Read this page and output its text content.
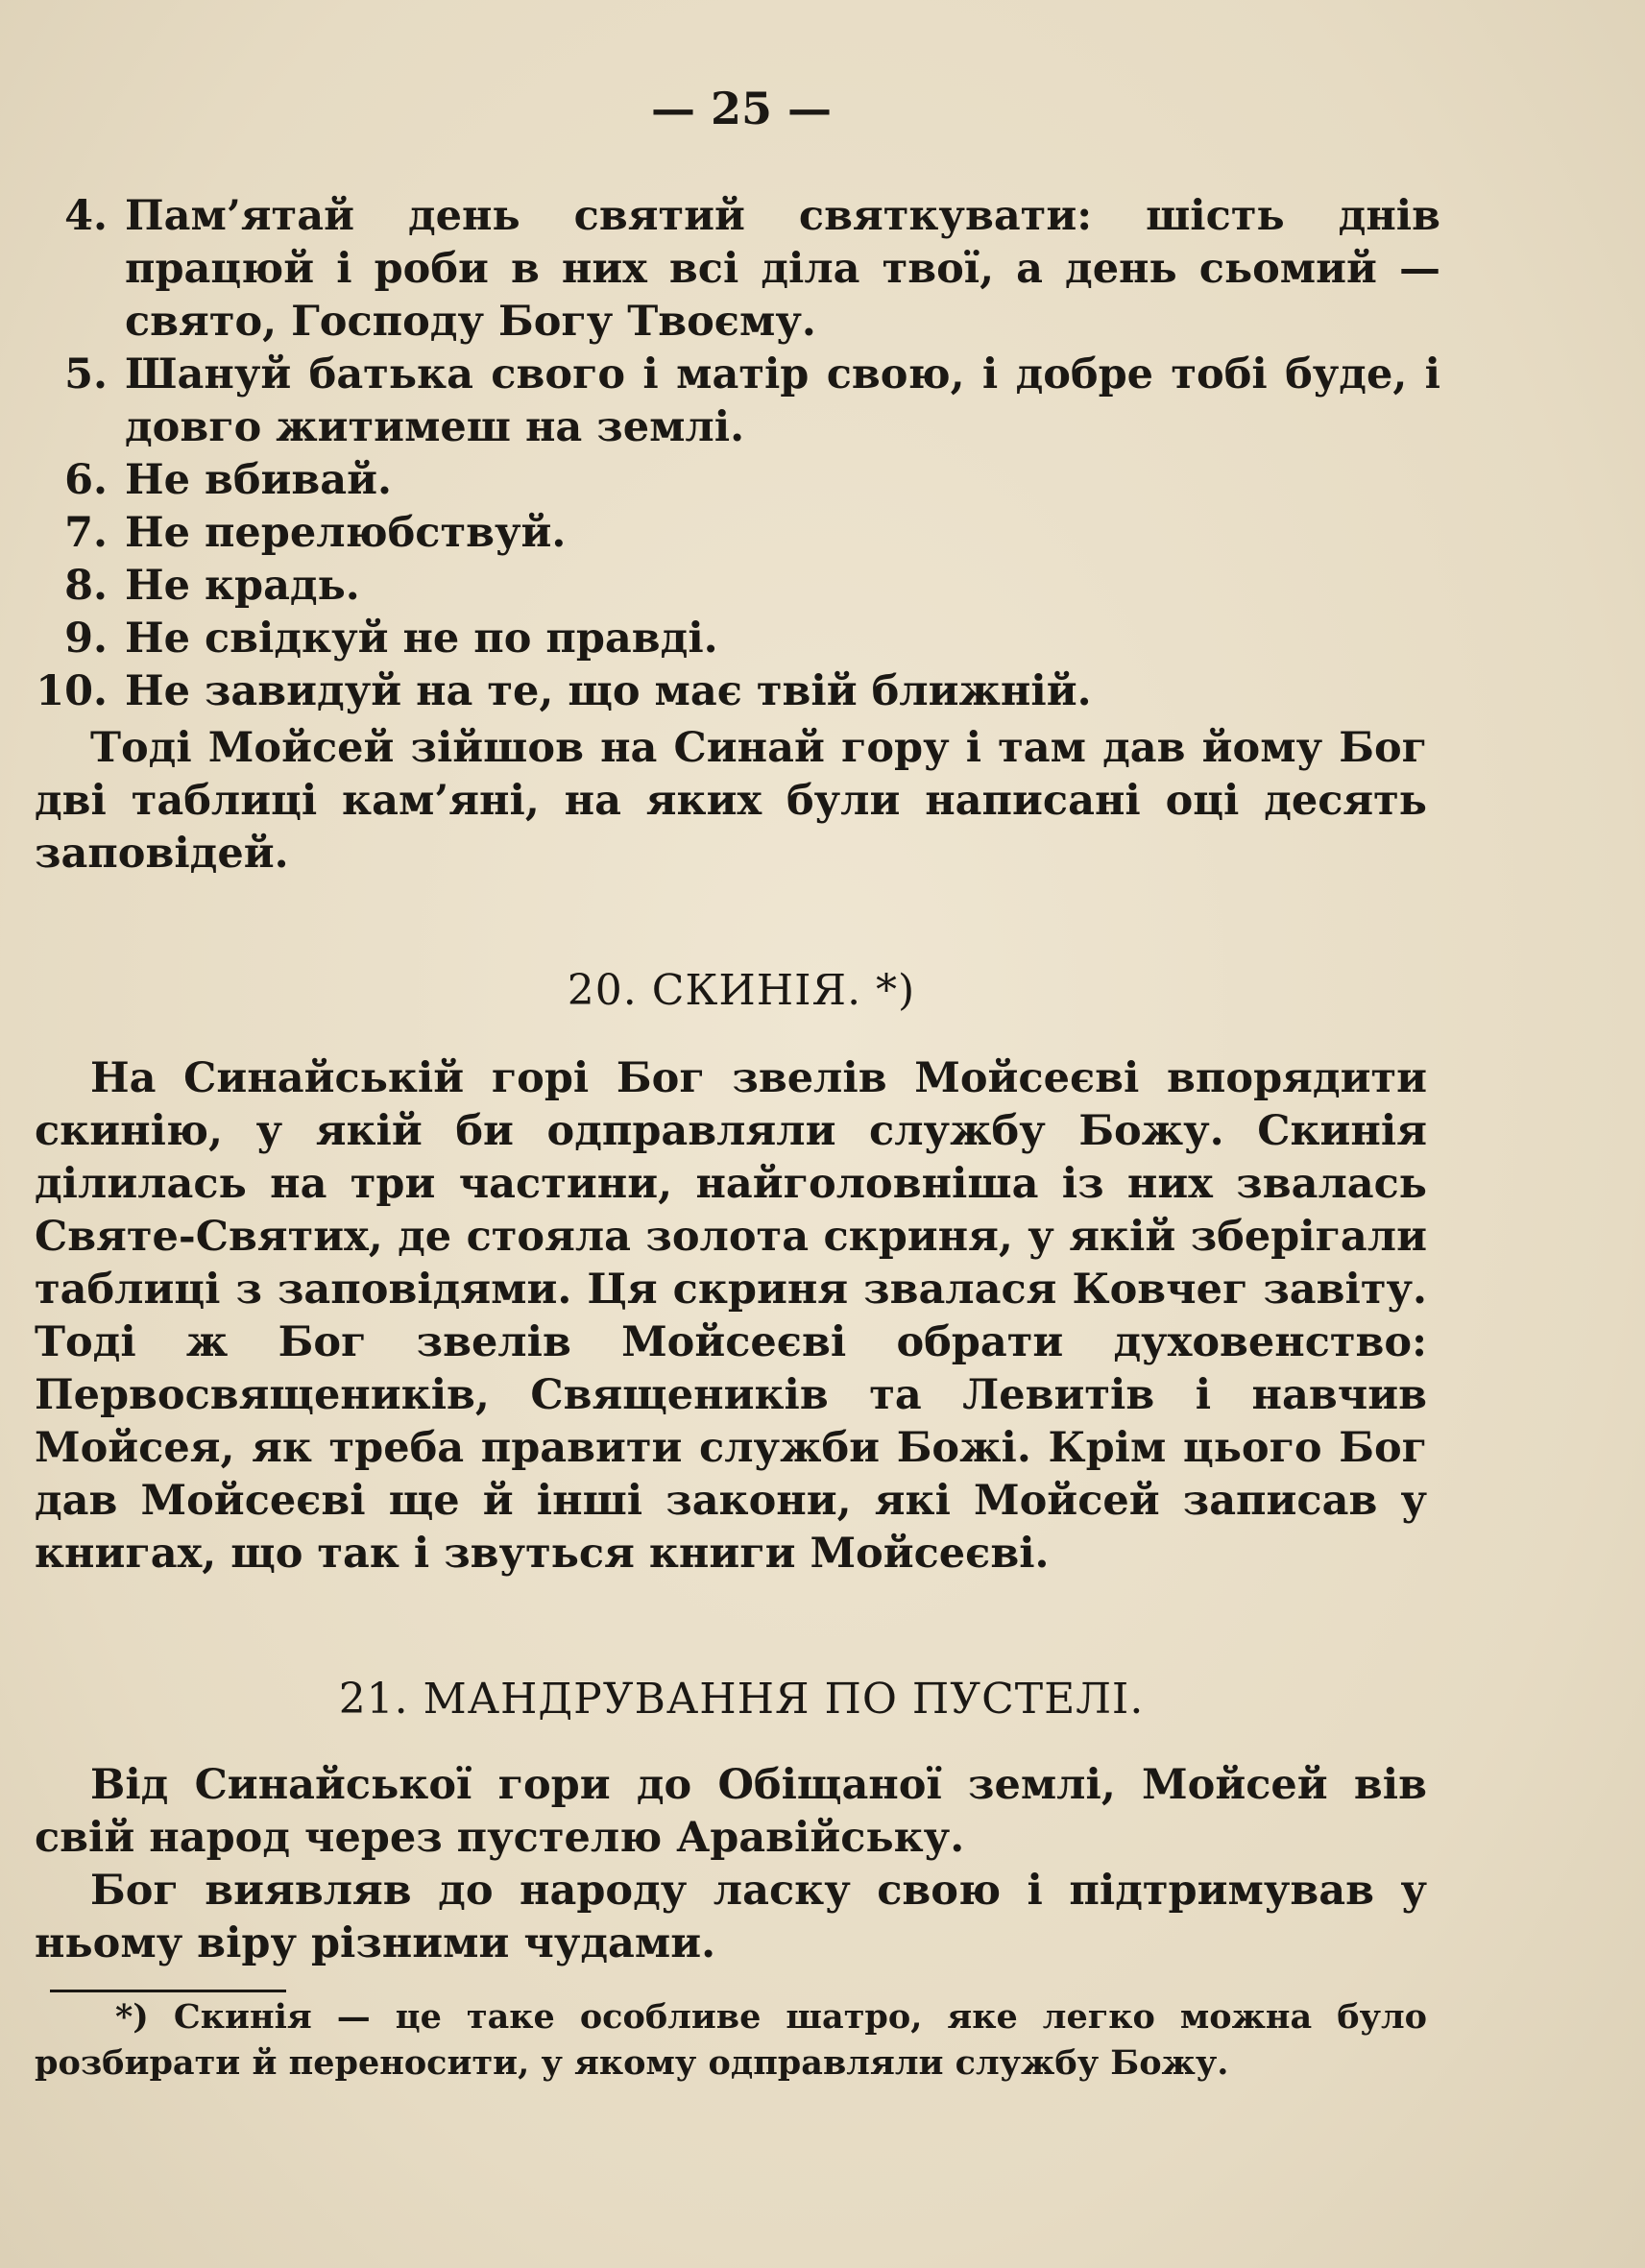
— 25 —
4. Пам’ятай день святий святкувати: шість днів працюй і роби в них всі діла твої, а день сьомий — свято, Господу Богу Твоєму.
5. Шануй батька свого і матір свою, і добре тобі буде, і довго житимеш на землі.
6. Не вбивай.
7. Не перелюбствуй.
8. Не крадь.
9. Не свідкуй не по правді.
10. Не завидуй на те, що має твій ближній.

Тоді Мойсей зійшов на Синай гору і там дав йому Бог дві таблиці кам’яні, на яких були написані оці десять заповідей.

20. СКИНІЯ. *)

На Синайській горі Бог звелів Мойсеєві впорядити скинію, у якій би одправляли службу Божу. Скинія ділилась на три частини, найголовніша із них звалась Святе-Святих, де стояла золота скриня, у якій зберігали таблиці з заповідями. Ця скриня звалася Ковчег завіту. Тоді ж Бог звелів Мойсеєві обрати духовенство: Первосвящеників, Священиків та Левитів і навчив Мойсея, як треба правити служби Божі. Крім цього Бог дав Мойсеєві ще й інші закони, які Мойсей записав у книгах, що так і звуться книги Мойсеєві.

21. МАНДРУВАННЯ ПО ПУСТЕЛІ.

Від Синайської гори до Обіщаної землі, Мойсей вів свій народ через пустелю Аравійську.

Бог виявляв до народу ласку свою і підтримував у ньому віру різними чудами.

*) Скинія — це таке особливе шатро, яке легко можна було розбирати й переносити, у якому одправляли службу Божу.
